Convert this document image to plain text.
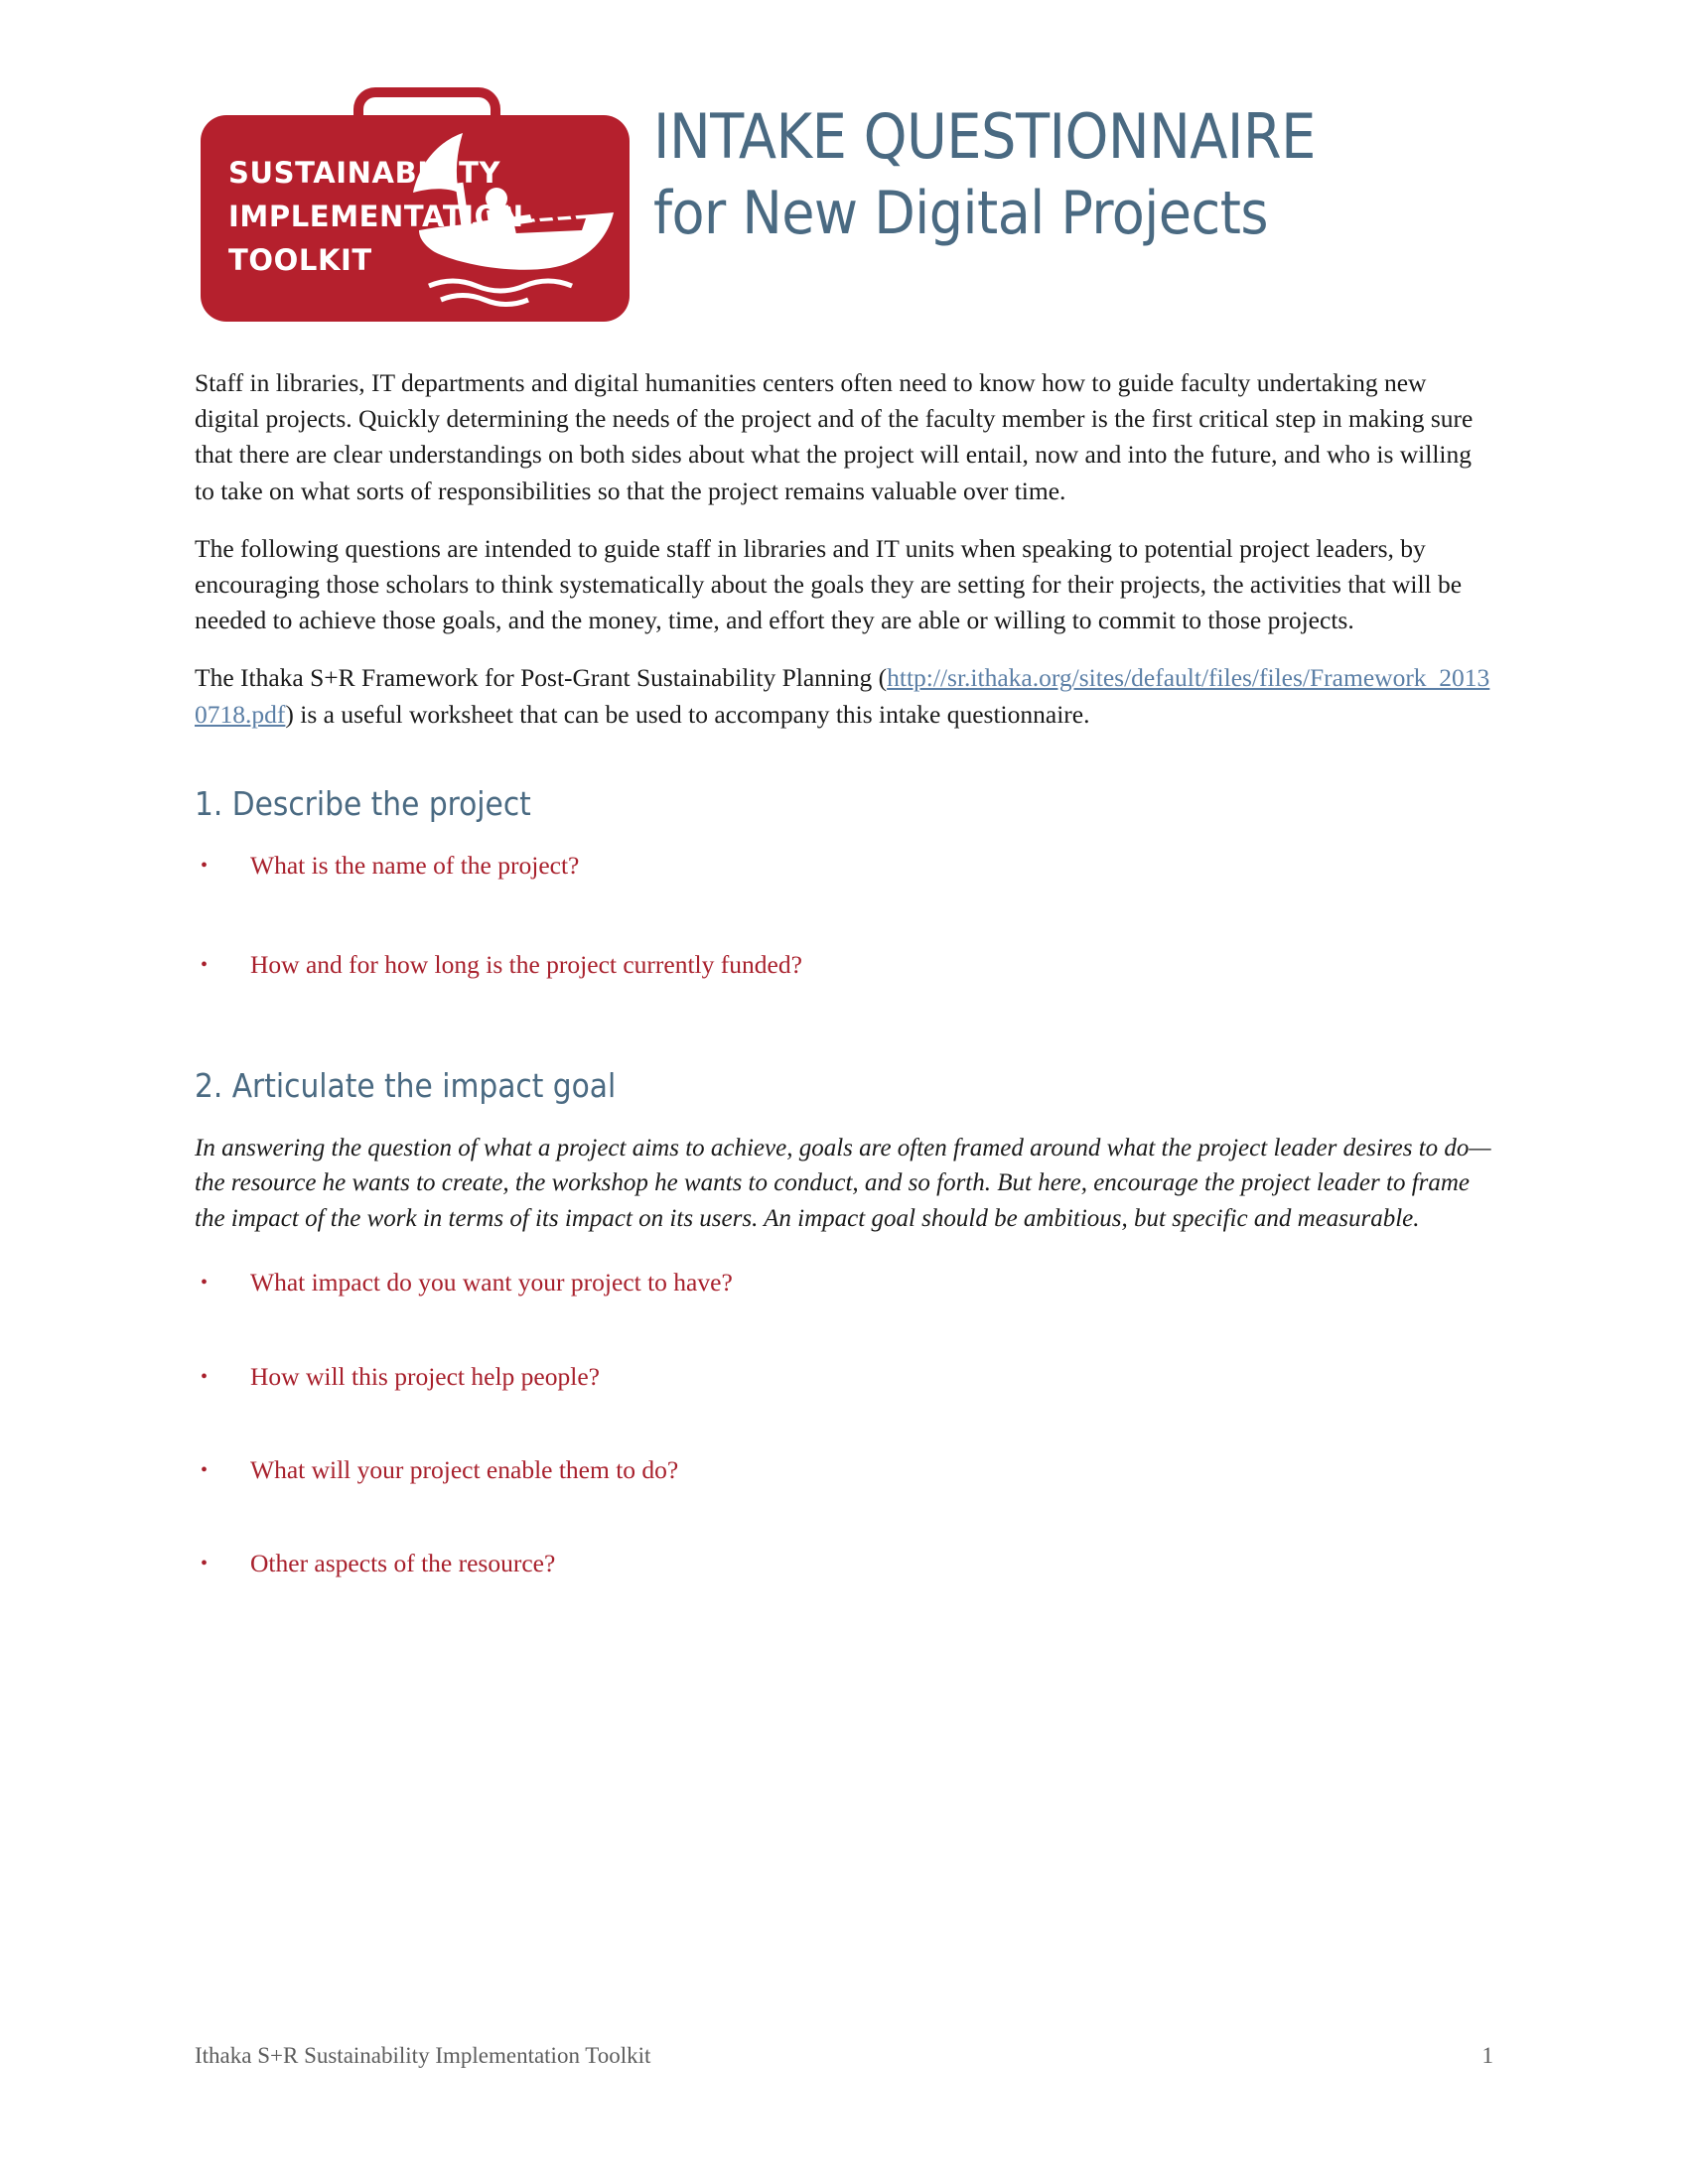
SUSTAINABILITY
IMPLEMENTATION
TOOLKIT
INTAKE QUESTIONNAIRE
for New Digital Projects

Staff in libraries, IT departments and digital humanities centers often need to know how to guide faculty undertaking new digital projects. Quickly determining the needs of the project and of the faculty member is the first critical step in making sure that there are clear understandings on both sides about what the project will entail, now and into the future, and who is willing to take on what sorts of responsibilities so that the project remains valuable over time.

The following questions are intended to guide staff in libraries and IT units when speaking to potential project leaders, by encouraging those scholars to think systematically about the goals they are setting for their projects, the activities that will be needed to achieve those goals, and the money, time, and effort they are able or willing to commit to those projects.

The Ithaka S+R Framework for Post-Grant Sustainability Planning (http://sr.ithaka.org/sites/default/files/files/Framework_20130718.pdf) is a useful worksheet that can be used to accompany this intake questionnaire.

1. Describe the project
• What is the name of the project?
• How and for how long is the project currently funded?
2. Articulate the impact goal

In answering the question of what a project aims to achieve, goals are often framed around what the project leader desires to do—the resource he wants to create, the workshop he wants to conduct, and so forth. But here, encourage the project leader to frame the impact of the work in terms of its impact on its users. An impact goal should be ambitious, but specific and measurable.

• What impact do you want your project to have?
• How will this project help people?
• What will your project enable them to do?
• Other aspects of the resource?
Ithaka S+R Sustainability Implementation Toolkit	1
